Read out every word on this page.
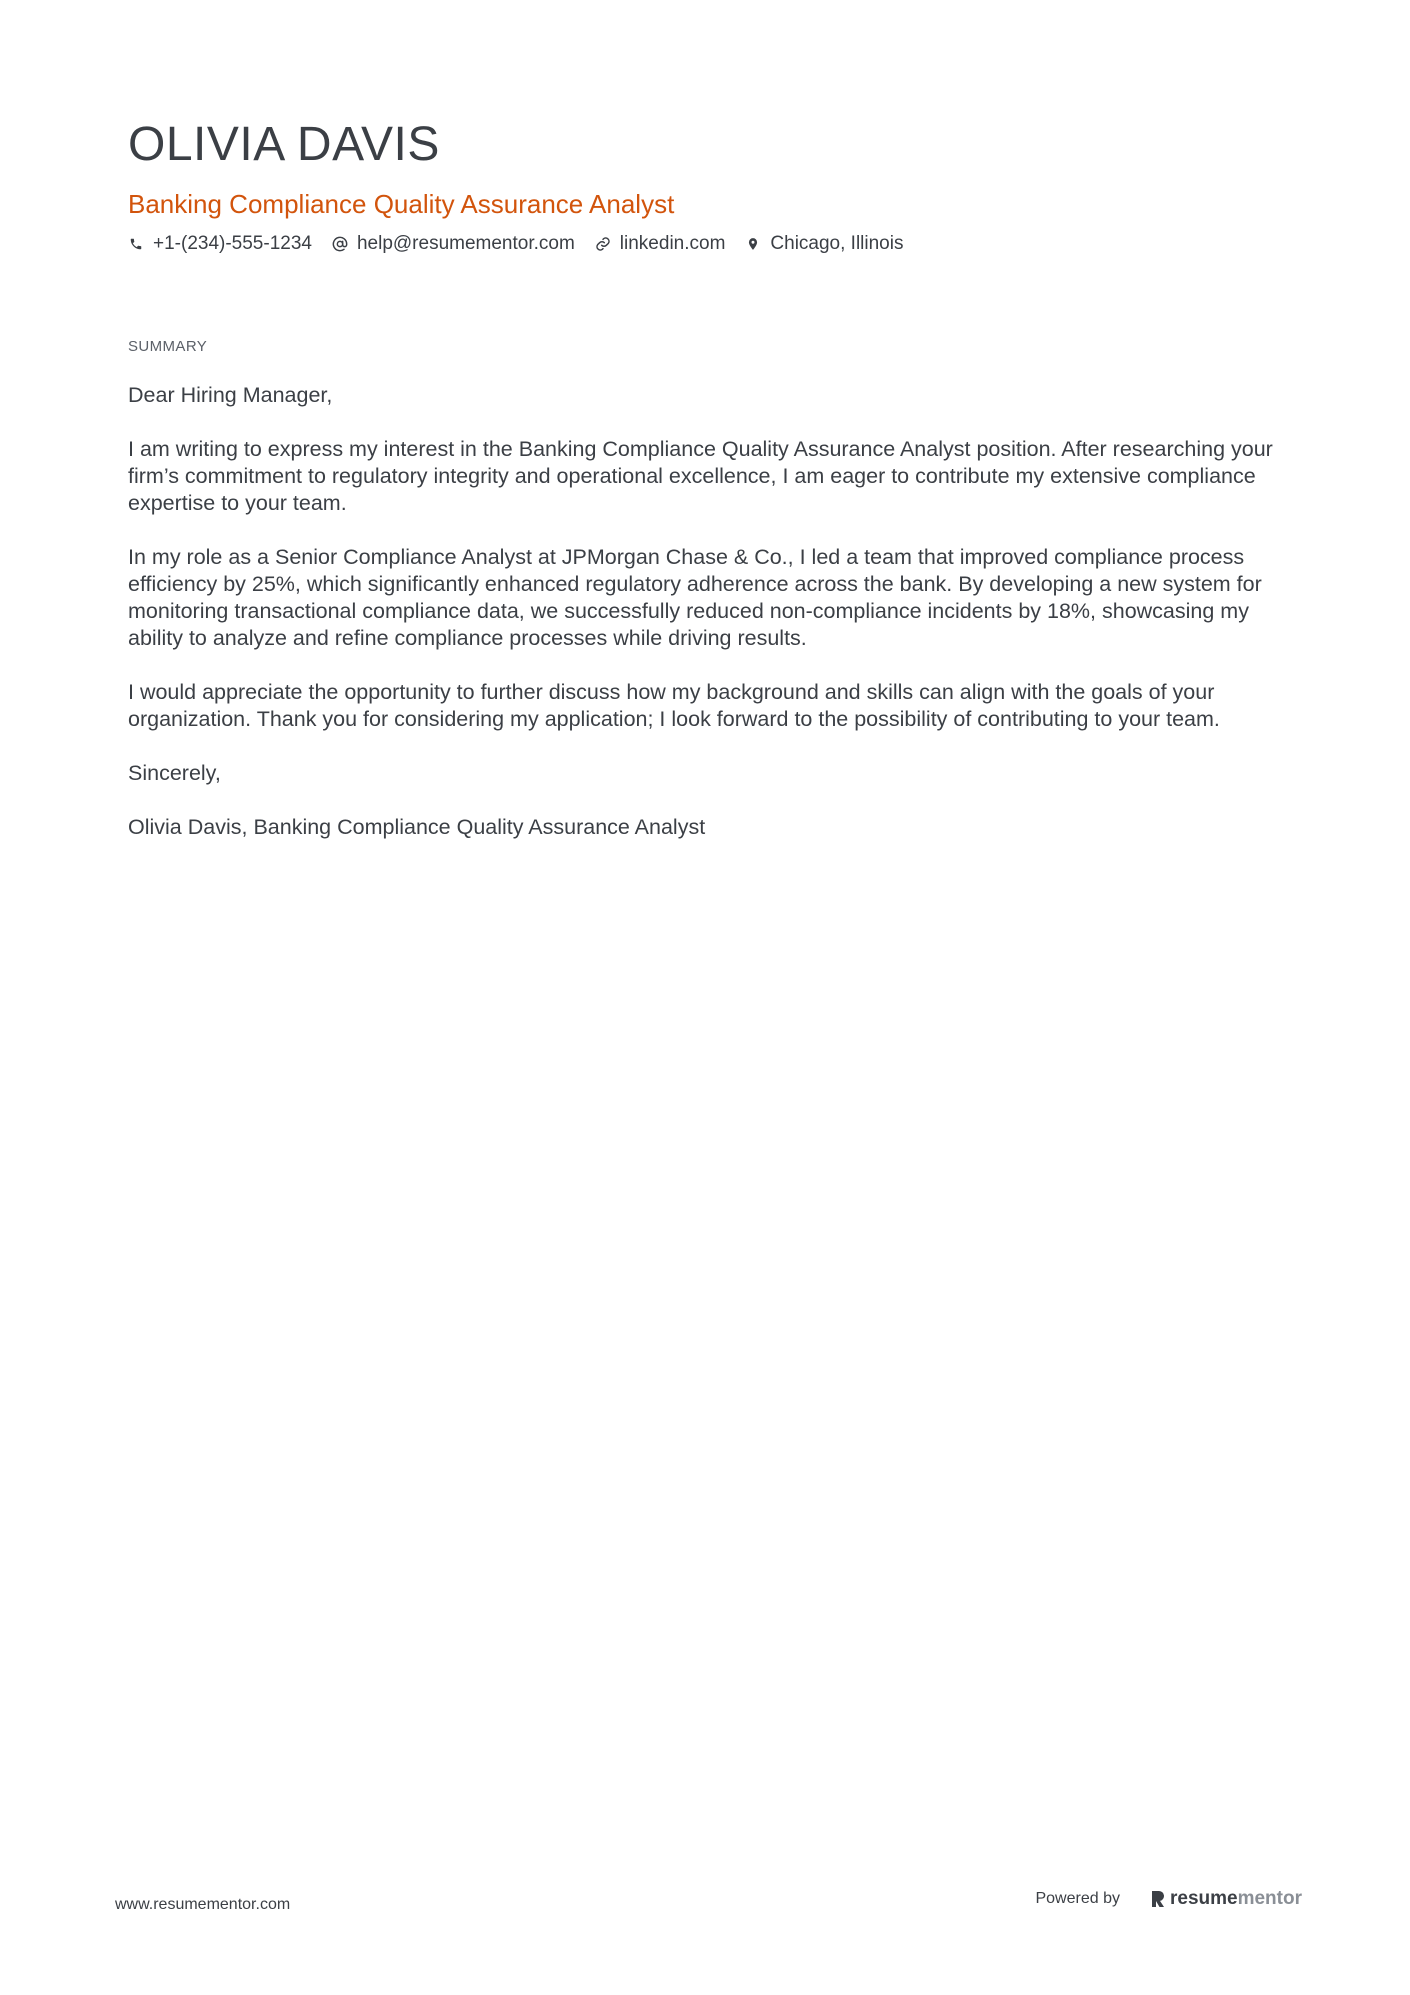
OLIVIA DAVIS
Banking Compliance Quality Assurance Analyst
+1-(234)-555-1234 help@resumementor.com linkedin.com Chicago, Illinois
SUMMARY

Dear Hiring Manager,

I am writing to express my interest in the Banking Compliance Quality Assurance Analyst position. After researching your firm’s commitment to regulatory integrity and operational excellence, I am eager to contribute my extensive compliance expertise to your team.

In my role as a Senior Compliance Analyst at JPMorgan Chase & Co., I led a team that improved compliance process efficiency by 25%, which significantly enhanced regulatory adherence across the bank. By developing a new system for monitoring transactional compliance data, we successfully reduced non-compliance incidents by 18%, showcasing my ability to analyze and refine compliance processes while driving results.

I would appreciate the opportunity to further discuss how my background and skills can align with the goals of your organization. Thank you for considering my application; I look forward to the possibility of contributing to your team.

Sincerely,

Olivia Davis, Banking Compliance Quality Assurance Analyst

www.resumementor.com	Powered by	resume mentor
